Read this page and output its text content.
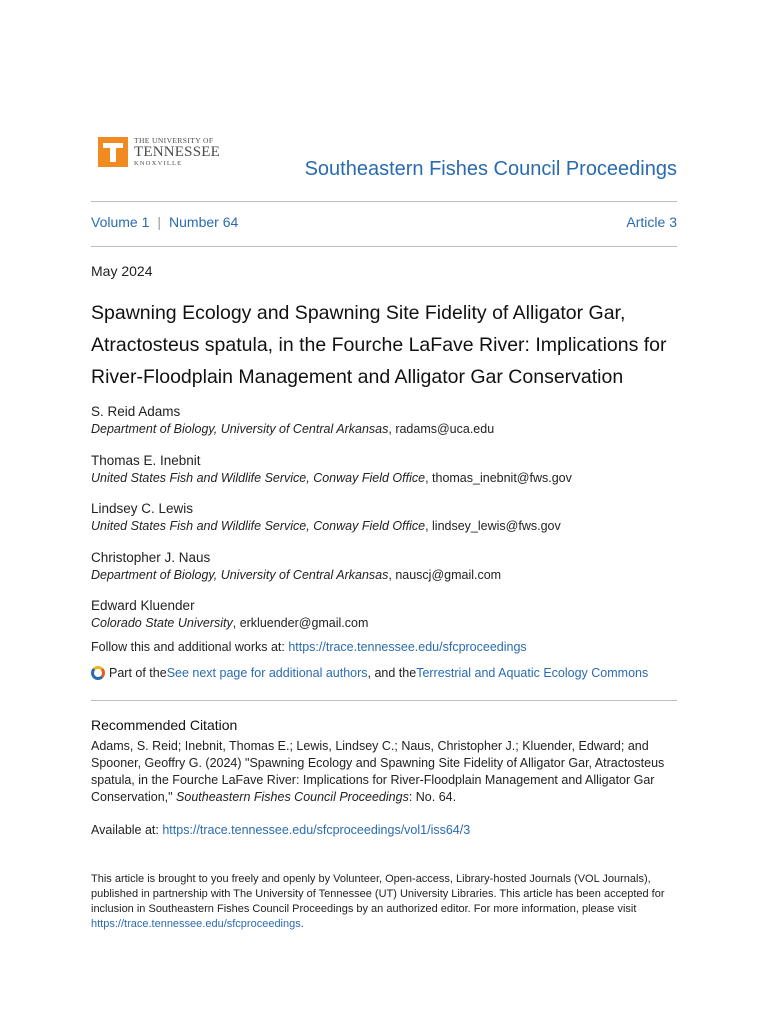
THE UNIVERSITY OF
TENNESSEE
KNOXVILLE	Southeastern Fishes Council Proceedings
Volume 1 | Number 64	Article 3
May 2024
Spawning Ecology and Spawning Site Fidelity of Alligator Gar, Atractosteus spatula, in the Fourche LaFave River: Implications for River-Floodplain Management and Alligator Gar Conservation
S. Reid Adams
Department of Biology, University of Central Arkansas, radams@uca.edu
Thomas E. Inebnit
United States Fish and Wildlife Service, Conway Field Office, thomas_inebnit@fws.gov
Lindsey C. Lewis
United States Fish and Wildlife Service, Conway Field Office, lindsey_lewis@fws.gov
Christopher J. Naus
Department of Biology, University of Central Arkansas, nauscj@gmail.com
Edward Kluender
Colorado State University, erkluender@gmail.com
Follow this and additional works at: https://trace.tennessee.edu/sfcproceedings
Part of the See next page for additional authors , and the Terrestrial and Aquatic Ecology Commons
Recommended Citation
Adams, S. Reid; Inebnit, Thomas E.; Lewis, Lindsey C.; Naus, Christopher J.; Kluender, Edward; and Spooner, Geoffry G. (2024) "Spawning Ecology and Spawning Site Fidelity of Alligator Gar, Atractosteus spatula, in the Fourche LaFave River: Implications for River-Floodplain Management and Alligator Gar Conservation," Southeastern Fishes Council Proceedings: No. 64.
Available at: https://trace.tennessee.edu/sfcproceedings/vol1/iss64/3
This article is brought to you freely and openly by Volunteer, Open-access, Library-hosted Journals (VOL Journals), published in partnership with The University of Tennessee (UT) University Libraries. This article has been accepted for inclusion in Southeastern Fishes Council Proceedings by an authorized editor. For more information, please visit https://trace.tennessee.edu/sfcproceedings.
